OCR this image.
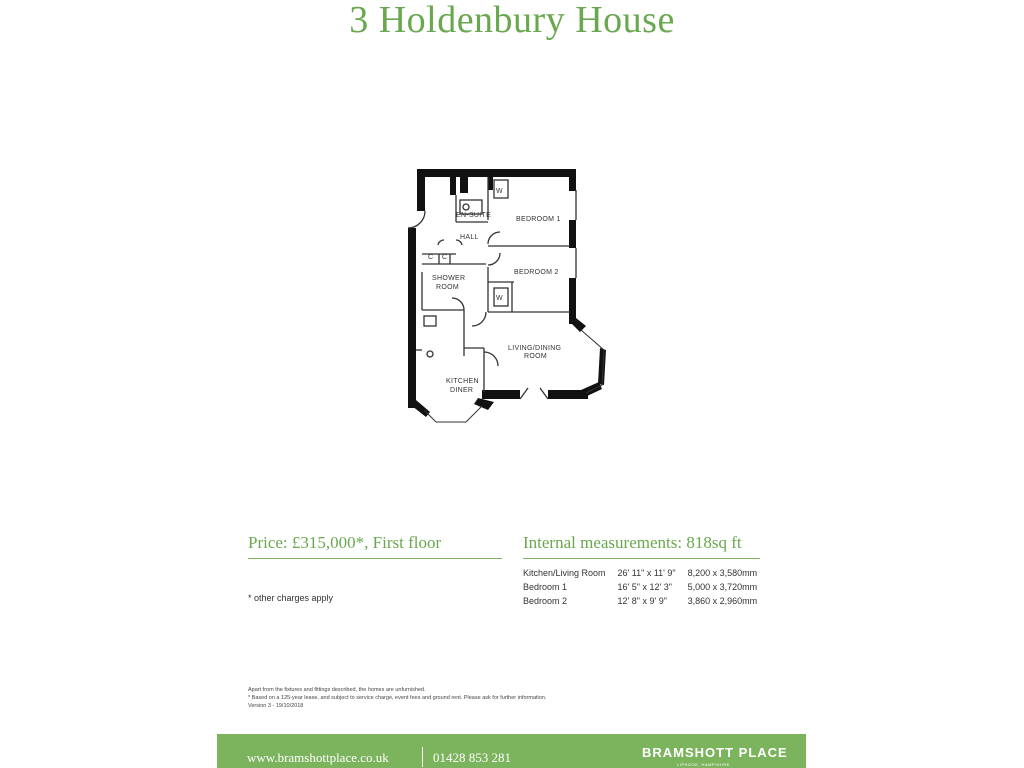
3 Holdenbury House
EN-SUITE
BEDROOM 1
HALL
BEDROOM 2
SHOWER
ROOM
LIVING/DINING
ROOM
KITCHEN
DINER
W
W
C C
Price: £315,000*, First floor	Internal measurements: 818sq ft
Kitchen/Living Room	26' 11" x 11' 9"	8,200 x 3,580mm
Bedroom 1	16' 5" x 12' 3"	5,000 x 3,720mm
Bedroom 2	12' 8" x 9' 9"	3,860 x 2,960mm
* other charges apply
Apart from the fixtures and fittings described, the homes are unfurnished.
* Based on a 125-year lease, and subject to service charge, event fees and ground rent. Please ask for further information.
Version 3 - 19/10/2018
www.bramshottplace.co.uk	01428 853 281	BRAMSHOTT PLACE
LIPHOOK, HAMPSHIRE
